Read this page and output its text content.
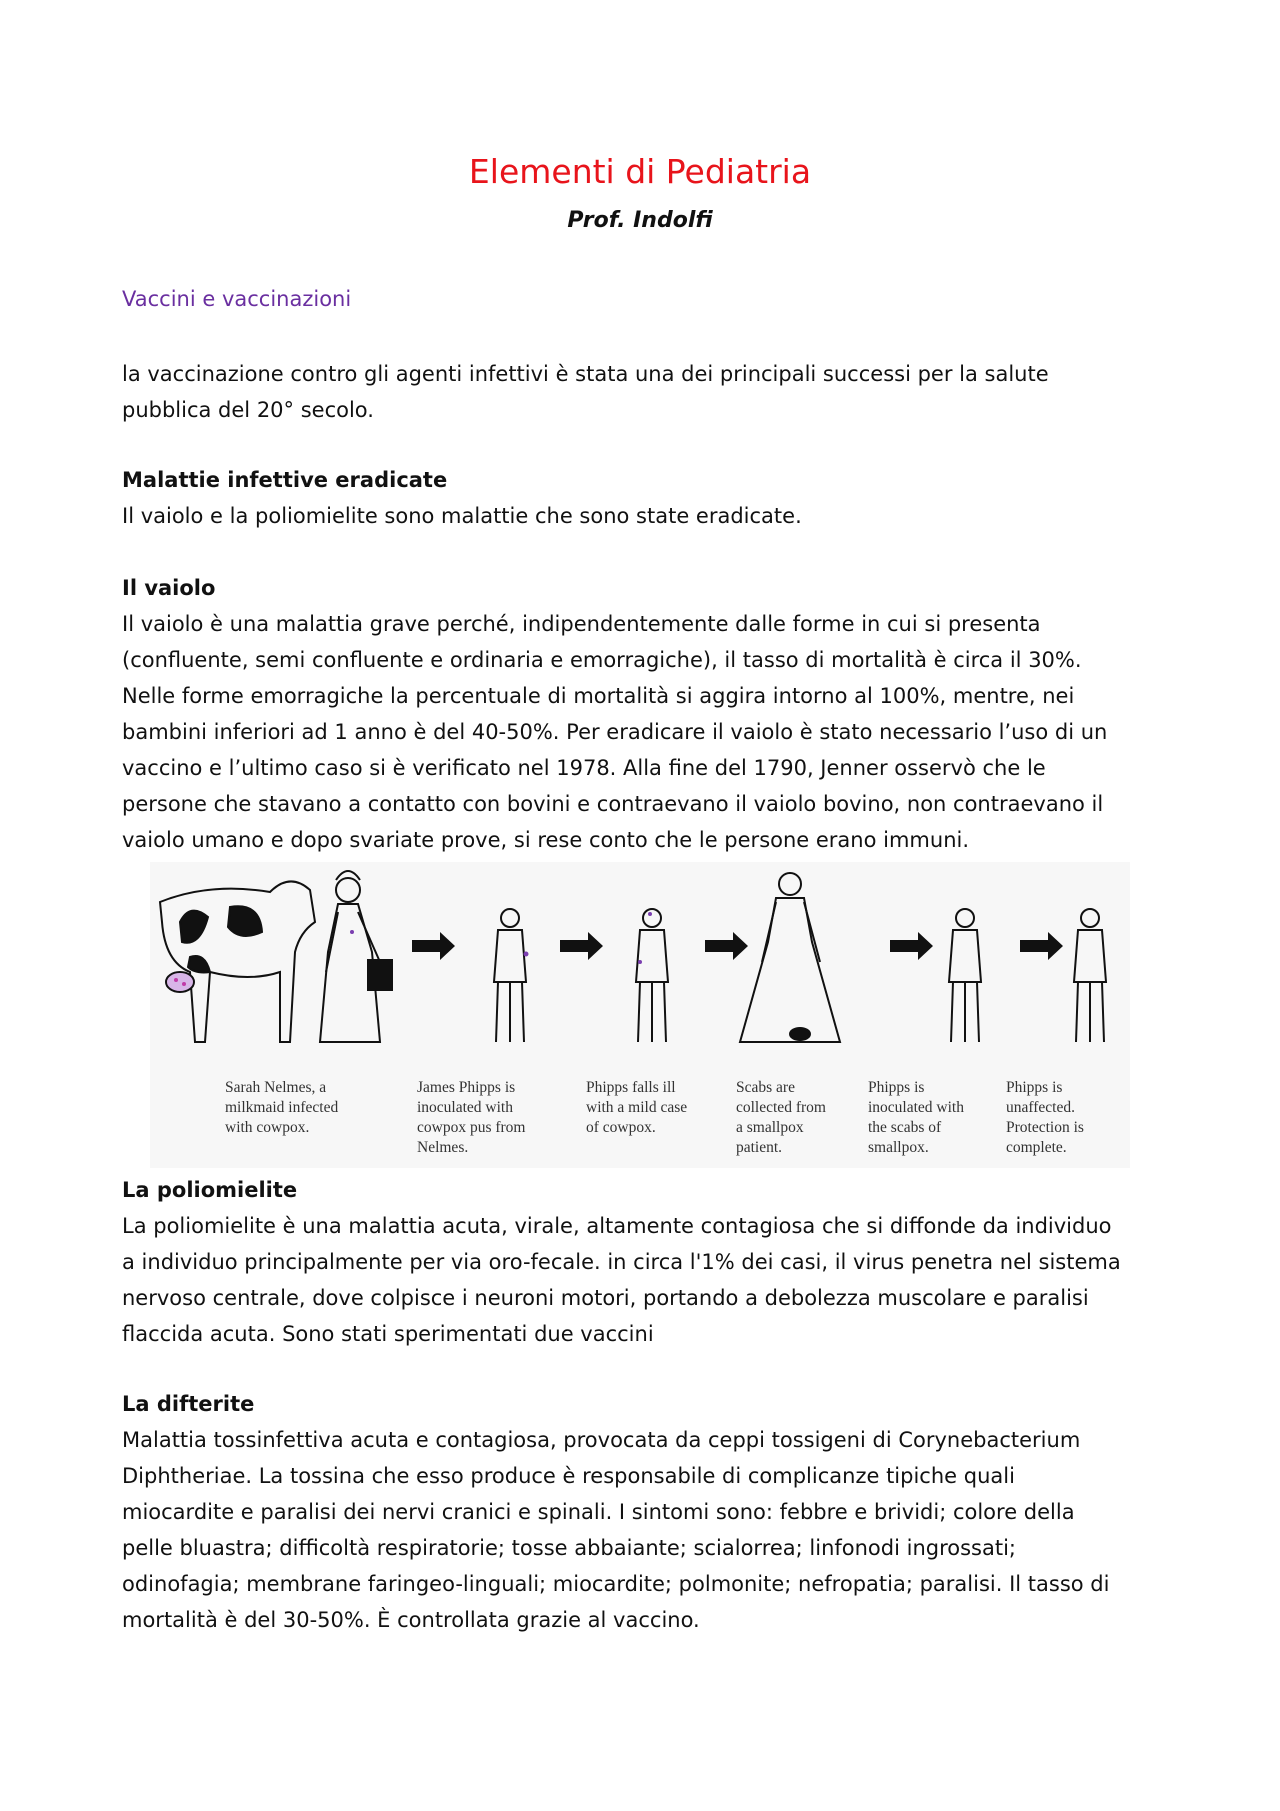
Elementi di Pediatria
Prof. Indolfi
Vaccini e vaccinazioni

la vaccinazione contro gli agenti infettivi è stata una dei principali successi per la salute
pubblica del 20° secolo.

Malattie infettive eradicate

Il vaiolo e la poliomielite sono malattie che sono state eradicate.

Il vaiolo

Il vaiolo è una malattia grave perché, indipendentemente dalle forme in cui si presenta
(confluente, semi confluente e ordinaria e emorragiche), il tasso di mortalità è circa il 30%.
Nelle forme emorragiche la percentuale di mortalità si aggira intorno al 100%, mentre, nei
bambini inferiori ad 1 anno è del 40-50%. Per eradicare il vaiolo è stato necessario l’uso di un
vaccino e l’ultimo caso si è verificato nel 1978. Alla fine del 1790, Jenner osservò che le
persone che stavano a contatto con bovini e contraevano il vaiolo bovino, non contraevano il
vaiolo umano e dopo svariate prove, si rese conto che le persone erano immuni.

Sarah Nelmes, a
milkmaid infected
with cowpox.
James Phipps is
inoculated with
cowpox pus from
Nelmes.
Phipps falls ill
with a mild case
of cowpox.
Scabs are
collected from
a smallpox
patient.
Phipps is
inoculated with
the scabs of
smallpox.
Phipps is
unaffected.
Protection is
complete.
La poliomielite

La poliomielite è una malattia acuta, virale, altamente contagiosa che si diffonde da individuo
a individuo principalmente per via oro-fecale. in circa l'1% dei casi, il virus penetra nel sistema
nervoso centrale, dove colpisce i neuroni motori, portando a debolezza muscolare e paralisi
flaccida acuta. Sono stati sperimentati due vaccini

La difterite

Malattia tossinfettiva acuta e contagiosa, provocata da ceppi tossigeni di Corynebacterium
Diphtheriae. La tossina che esso produce è responsabile di complicanze tipiche quali
miocardite e paralisi dei nervi cranici e spinali. I sintomi sono: febbre e brividi; colore della
pelle bluastra; difficoltà respiratorie; tosse abbaiante; scialorrea; linfonodi ingrossati;
odinofagia; membrane faringeo-linguali; miocardite; polmonite; nefropatia; paralisi. Il tasso di
mortalità è del 30-50%. È controllata grazie al vaccino.
